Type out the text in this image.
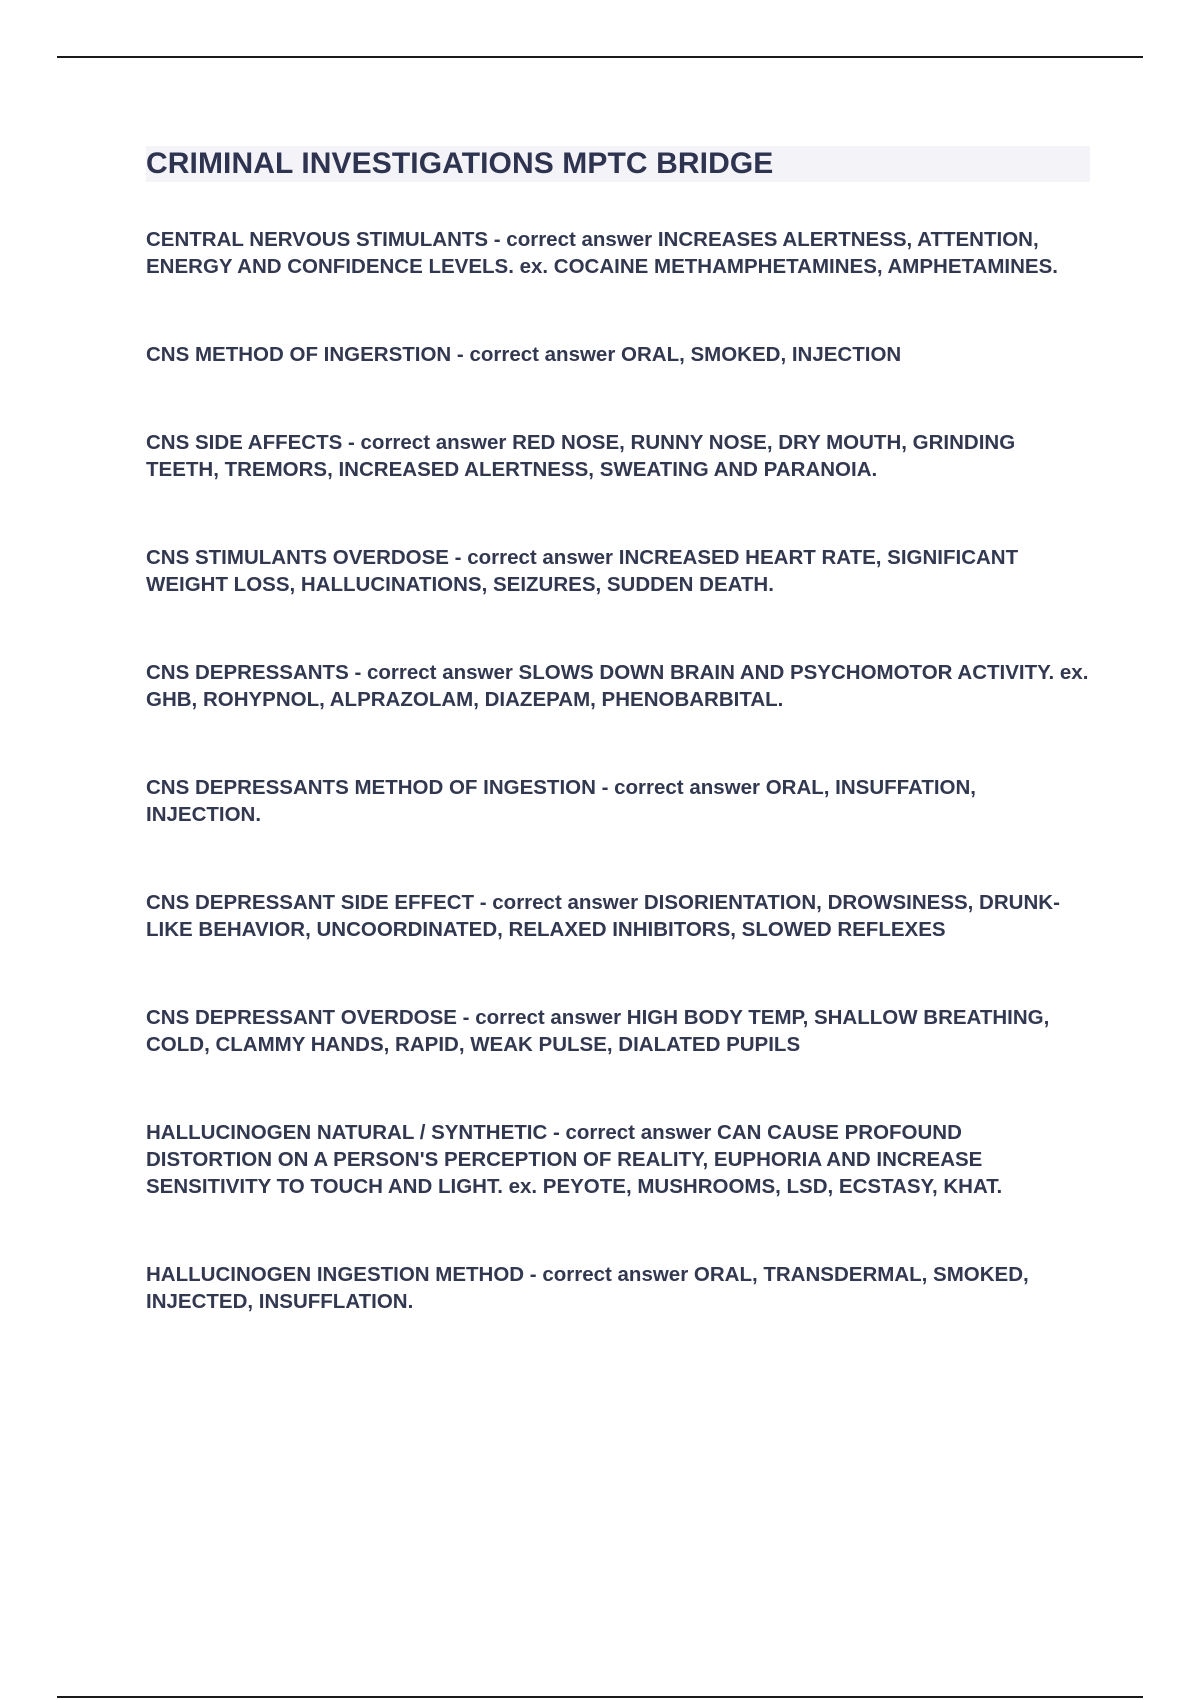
CRIMINAL INVESTIGATIONS MPTC BRIDGE
CENTRAL NERVOUS STIMULANTS - correct answer INCREASES ALERTNESS, ATTENTION, ENERGY AND CONFIDENCE LEVELS. ex. COCAINE METHAMPHETAMINES, AMPHETAMINES.
CNS METHOD OF INGERSTION - correct answer ORAL, SMOKED, INJECTION
CNS SIDE AFFECTS - correct answer RED NOSE, RUNNY NOSE, DRY MOUTH, GRINDING TEETH, TREMORS, INCREASED ALERTNESS, SWEATING AND PARANOIA.
CNS STIMULANTS OVERDOSE - correct answer INCREASED HEART RATE, SIGNIFICANT WEIGHT LOSS, HALLUCINATIONS, SEIZURES, SUDDEN DEATH.
CNS DEPRESSANTS - correct answer SLOWS DOWN BRAIN AND PSYCHOMOTOR ACTIVITY. ex. GHB, ROHYPNOL, ALPRAZOLAM, DIAZEPAM, PHENOBARBITAL.
CNS DEPRESSANTS METHOD OF INGESTION - correct answer ORAL, INSUFFATION, INJECTION.
CNS DEPRESSANT SIDE EFFECT - correct answer DISORIENTATION, DROWSINESS, DRUNK-LIKE BEHAVIOR, UNCOORDINATED, RELAXED INHIBITORS, SLOWED REFLEXES
CNS DEPRESSANT OVERDOSE - correct answer HIGH BODY TEMP, SHALLOW BREATHING, COLD, CLAMMY HANDS, RAPID, WEAK PULSE, DIALATED PUPILS
HALLUCINOGEN NATURAL / SYNTHETIC - correct answer CAN CAUSE PROFOUND DISTORTION ON A PERSON'S PERCEPTION OF REALITY, EUPHORIA AND INCREASE SENSITIVITY TO TOUCH AND LIGHT. ex. PEYOTE, MUSHROOMS, LSD, ECSTASY, KHAT.
HALLUCINOGEN INGESTION METHOD - correct answer ORAL, TRANSDERMAL, SMOKED, INJECTED, INSUFFLATION.
